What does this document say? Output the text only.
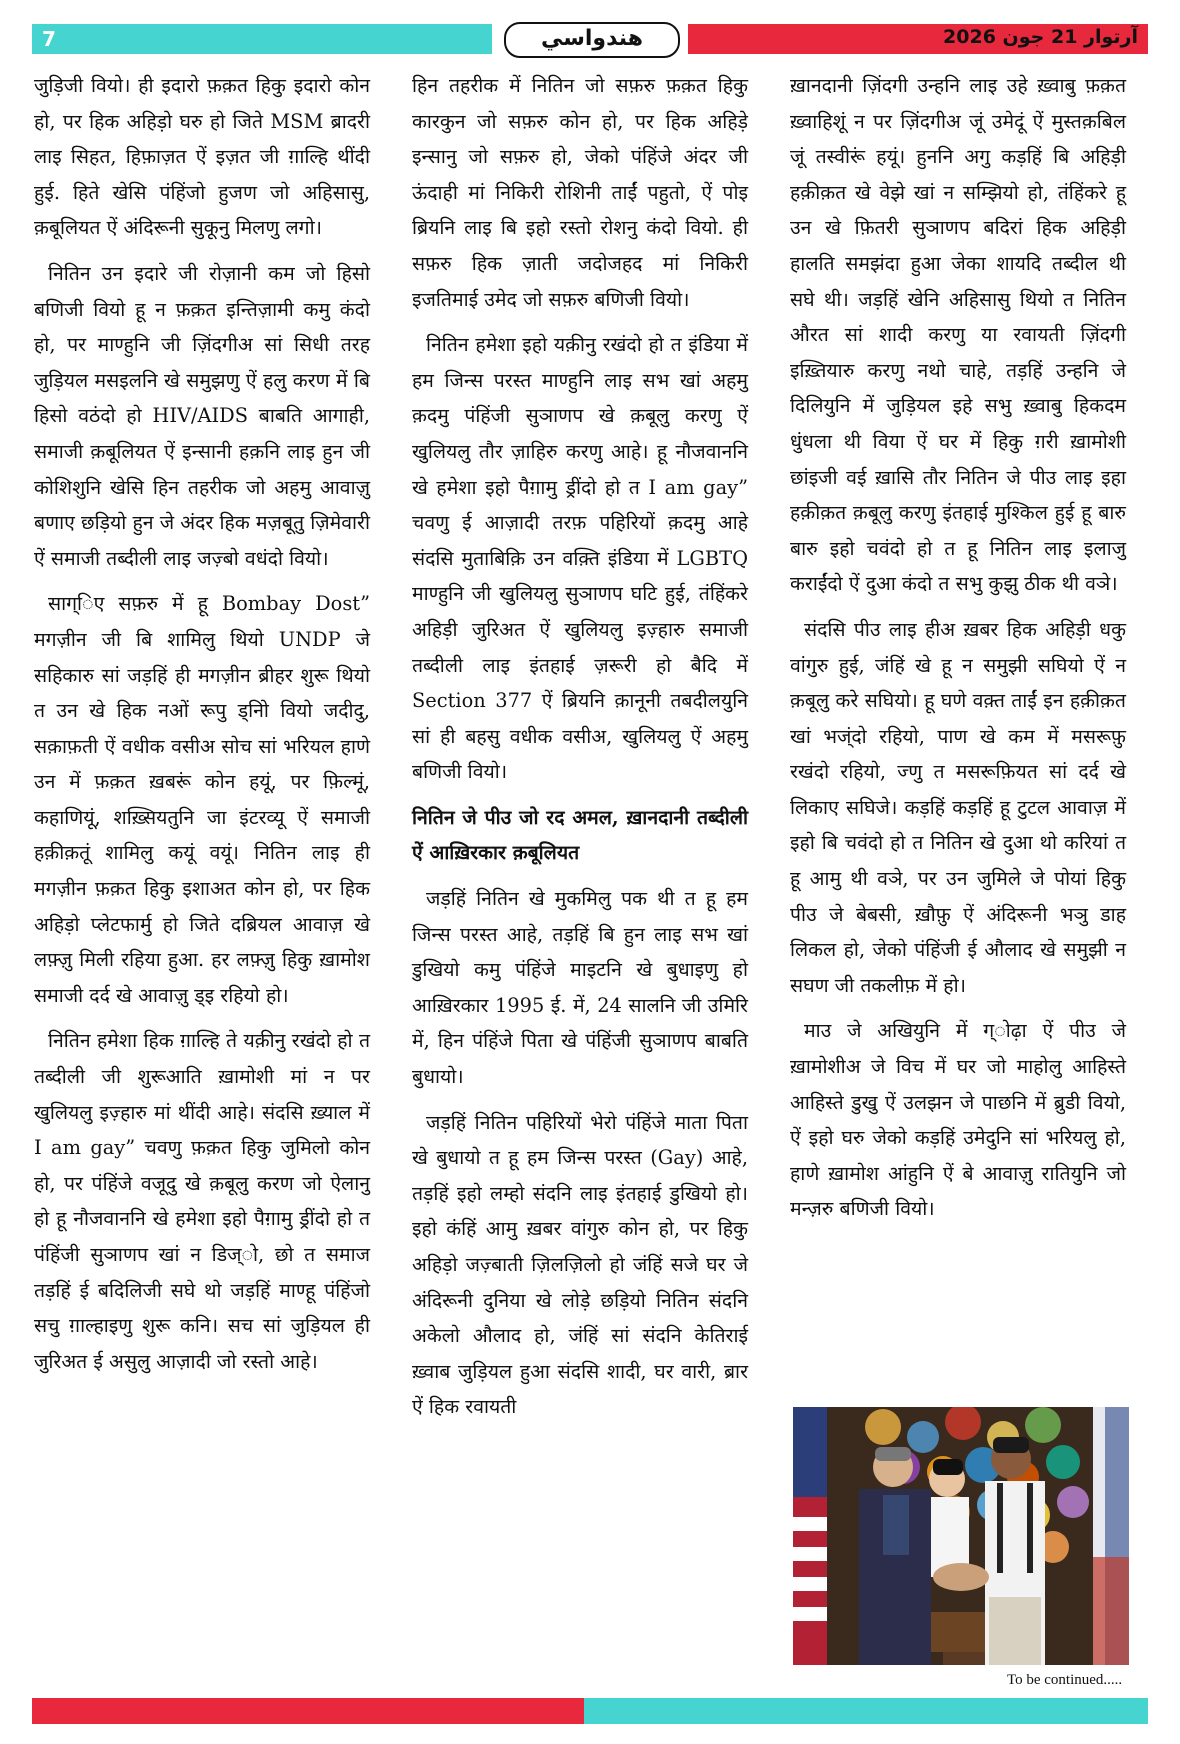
7	هندواسي	آرتوار 21 جون 2026

जुड़िजी वियो। ही इदारो फ़क़त हिकु इदारो कोन हो, पर हिक अहिड़ो घरु हो जिते MSM ब्रादरी लाइ सिहत, हिफ़ाज़त ऐं इज़त जी ग़ाल्हि थींदी हुई. हिते खेसि पंहिंजो हुजण जो अहिसासु, क़बूलियत ऐं अंदिरूनी सुकूनु मिलणु लगो।

नितिन उन इदारे जी रोज़ानी कम जो हिसो बणिजी वियो हू न फ़क़त इन्तिज़ामी कमु कंदो हो, पर माण्हुनि जी ज़िंदगीअ सां सिधी तरह जुड़ियल मसइलनि खे समुझणु ऐं हलु करण में बि हिसो वठंदो हो HIV/AIDS बाबति आगाही, समाजी क़बूलियत ऐं इन्सानी हक़नि लाइ हुन जी कोशिशुनि खेसि हिन तहरीक जो अहमु आवाज़ु बणाए छड़ियो हुन जे अंदर हिक मज़बूतु ज़िमेवारी ऐं समाजी तब्दीली लाइ जज़्बो वधंदो वियो।

साग्िए सफ़रु में हू Bombay Dost” मगज़ीन जी बि शामिलु थियो UNDP जे सहिकारु सां जड़हिं ही मगज़ीन ब्रीहर शुरू थियो त उन खे हिक नओं रूपु ड्निो वियो जदीदु, सक़ाफ़ती ऐं वधीक वसीअ सोच सां भरियल हाणे उन में फ़क़त ख़बरूं कोन हयूं, पर फ़िल्मूं, कहाणियूं, शख़्सियतुनि जा इंटरव्यू ऐं समाजी हक़ीक़तूं शामिलु कयूं वयूं। नितिन लाइ ही मगज़ीन फ़क़त हिकु इशाअत कोन हो, पर हिक अहिड़ो प्लेटफार्मु हो जिते दब्रियल आवाज़ खे लफ़्ज़ु मिली रहिया हुआ. हर लफ़्ज़ु हिकु ख़ामोश समाजी दर्द खे आवाज़ु ड्इ रहियो हो।

नितिन हमेशा हिक ग़ाल्हि ते यक़ीनु रखंदो हो त तब्दीली जी शुरूआति ख़ामोशी मां न पर खुलियलु इज़्हारु मां थींदी आहे। संदसि ख़्याल में I am gay” चवणु फ़क़त हिकु जुमिलो कोन हो, पर पंहिंजे वजूदु खे क़बूलु करण जो ऐलानु हो हू नौजवाननि खे हमेशा इहो पैग़ामु ड्रींदो हो त पंहिंजी सुञाणप खां न डिज्ो, छो त समाज तड़हिं ई बदिलिजी सघे थो जड़हिं माण्हू पंहिंजो सचु ग़ाल्हाइणु शुरू कनि। सच सां जुड़ियल ही जुरिअत ई असुलु आज़ादी जो रस्तो आहे।

हिन तहरीक में नितिन जो सफ़रु फ़क़त हिकु कारकुन जो सफ़रु कोन हो, पर हिक अहिड़े इन्सानु जो सफ़रु हो, जेको पंहिंजे अंदर जी ऊंदाही मां निकिरी रोशिनी ताईं पहुतो, ऐं पोइ ब्रियनि लाइ बि इहो रस्तो रोशनु कंदो वियो. ही सफ़रु हिक ज़ाती जदोजहद मां निकिरी इजतिमाई उमेद जो सफ़रु बणिजी वियो।

नितिन हमेशा इहो यक़ीनु रखंदो हो त इंडिया में हम जिन्स परस्त माण्हुनि लाइ सभ खां अहमु क़दमु पंहिंजी सुञाणप खे क़बूलु करणु ऐं खुलियलु तौर ज़ाहिरु करणु आहे। हू नौजवाननि खे हमेशा इहो पैग़ामु ड्रींदो हो त I am gay” चवणु ई आज़ादी तरफ़ पहिरियों क़दमु आहे संदसि मुताबिक़ि उन वक़्ति इंडिया में LGBTQ माण्हुनि जी खुलियलु सुञाणप घटि हुई, तंहिंकरे अहिड़ी जुरिअत ऐं खुलियलु इज़्हारु समाजी तब्दीली लाइ इंतहाई ज़रूरी हो बैदि में Section 377 ऐं ब्रियनि क़ानूनी तबदीलयुनि सां ही बहसु वधीक वसीअ, खुलियलु ऐं अहमु बणिजी वियो।

नितिन जे पीउ जो रद अमल, ख़ानदानी तब्दीली ऐं आख़िरकार क़बूलियत

जड़हिं नितिन खे मुकमिलु पक थी त हू हम जिन्स परस्त आहे, तड़हिं बि हुन लाइ सभ खां डुखियो कमु पंहिंजे माइटनि खे बुधाइणु हो आख़िरकार 1995 ई. में, 24 सालनि जी उमिरि में, हिन पंहिंजे पिता खे पंहिंजी सुञाणप बाबति बुधायो।

जड़हिं नितिन पहिरियों भेरो पंहिंजे माता पिता खे बुधायो त हू हम जिन्स परस्त (Gay) आहे, तड़हिं इहो लम्हो संदनि लाइ इंतहाई डुखियो हो। इहो कंहिं आमु ख़बर वांगुरु कोन हो, पर हिकु अहिड़ो जज़्बाती ज़िलज़िलो हो जंहिं सजे घर जे अंदिरूनी दुनिया खे लोड़े छड़ियो नितिन संदनि अकेलो औलाद हो, जंहिं सां संदनि केतिराई ख़्वाब जुड़ियल हुआ संदसि शादी, घर वारी, ब्रार ऐं हिक रवायती

ख़ानदानी ज़िंदगी उन्हनि लाइ उहे ख़्वाबु फ़क़त ख़्वाहिशूं न पर ज़िंदगीअ जूं उमेदूं ऐं मुस्तक़बिल जूं तस्वीरूं हयूं। हुननि अगु कड़हिं बि अहिड़ी हक़ीक़त खे वेझे खां न सम्झियो हो, तंहिंकरे हू उन खे फ़ितरी सुञाणप बदिरां हिक अहिड़ी हालति समझंदा हुआ जेका शायदि तब्दील थी सघे थी। जड़हिं खेनि अहिसासु थियो त नितिन औरत सां शादी करणु या रवायती ज़िंदगी इख़्तियारु करणु नथो चाहे, तड़हिं उन्हनि जे दिलियुनि में जुड़ियल इहे सभु ख़्वाबु हिकदम धुंधला थी विया ऐं घर में हिकु ग़री ख़ामोशी छांइजी वई ख़ासि तौर नितिन जे पीउ लाइ इहा हक़ीक़त क़बूलु करणु इंतहाई मुश्किल हुई हू बारु बारु इहो चवंदो हो त हू नितिन लाइ इलाजु कराईंदो ऐं दुआ कंदो त सभु कुझु ठीक थी वञे।

संदसि पीउ लाइ हीअ ख़बर हिक अहिड़ी धकु वांगुरु हुई, जंहिं खे हू न समुझी सघियो ऐं न क़बूलु करे सघियो। हू घणे वक़्त ताईं इन हक़ीक़त खां भज्ंदो रहियो, पाण खे कम में मसरूफ़ु रखंदो रहियो, ज्णु त मसरूफ़ियत सां दर्द खे लिकाए सघिजे। कड़हिं कड़हिं हू टुटल आवाज़ में इहो बि चवंदो हो त नितिन खे दुआ थो करियां त हू आमु थी वञे, पर उन जुमिले जे पोयां हिकु पीउ जे बेबसी, ख़ौफ़ु ऐं अंदिरूनी भञु डाह लिकल हो, जेको पंहिंजी ई औलाद खे समुझी न सघण जी तकलीफ़ में हो।

माउ जे अखियुनि में ग्ोढ़ा ऐं पीउ जे ख़ामोशीअ जे विच में घर जो माहोलु आहिस्ते आहिस्ते डुखु ऐं उलझन जे पाछनि में ब्रुडी वियो, ऐं इहो घरु जेको कड़हिं उमेदुनि सां भरियलु हो, हाणे ख़ामोश आंहुनि ऐं बे आवाज़ु रातियुनि जो मन्ज़रु बणिजी वियो।

To be continued.....
